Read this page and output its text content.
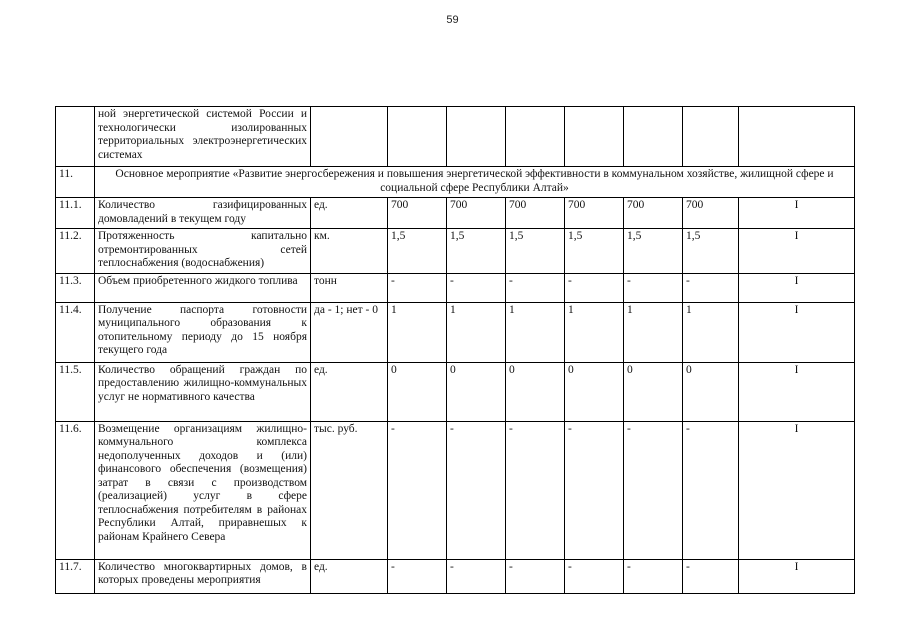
59
	ной энергетической системой России и технологически изолированных территориальных электроэнергетических системах								
11.	Основное мероприятие «Развитие энергосбережения и повышения энергетической эффективности в коммунальном хозяйстве, жилищной сфере и социальной сфере Республики Алтай»								
11.1.	Количество газифицированных домовладений в текущем году	ед.	700	700	700	700	700	700	I
11.2.	Протяженность капитально отремонтированных сетей теплоснабжения (водоснабжения)	км.	1,5	1,5	1,5	1,5	1,5	1,5	I
11.3.	Объем приобретенного жидкого топлива	тонн	-	-	-	-	-	-	I
11.4.	Получение паспорта готовности муниципального образования к отопительному периоду до 15 ноября текущего года	да - 1; нет - 0	1	1	1	1	1	1	I
11.5.	Количество обращений граждан по предоставлению жилищно-коммунальных услуг не нормативного качества	ед.	0	0	0	0	0	0	I
11.6.	Возмещение организациям жилищно-коммунального комплекса недополученных доходов и (или) финансового обеспечения (возмещения) затрат в связи с производством (реализацией) услуг в сфере теплоснабжения потребителям в районах Республики Алтай, приравнешых к районам Крайнего Севера	тыс. руб.	-	-	-	-	-	-	I
11.7.	Количество многоквартирных домов, в которых проведены мероприятия	ед.	-	-	-	-	-	-	I
